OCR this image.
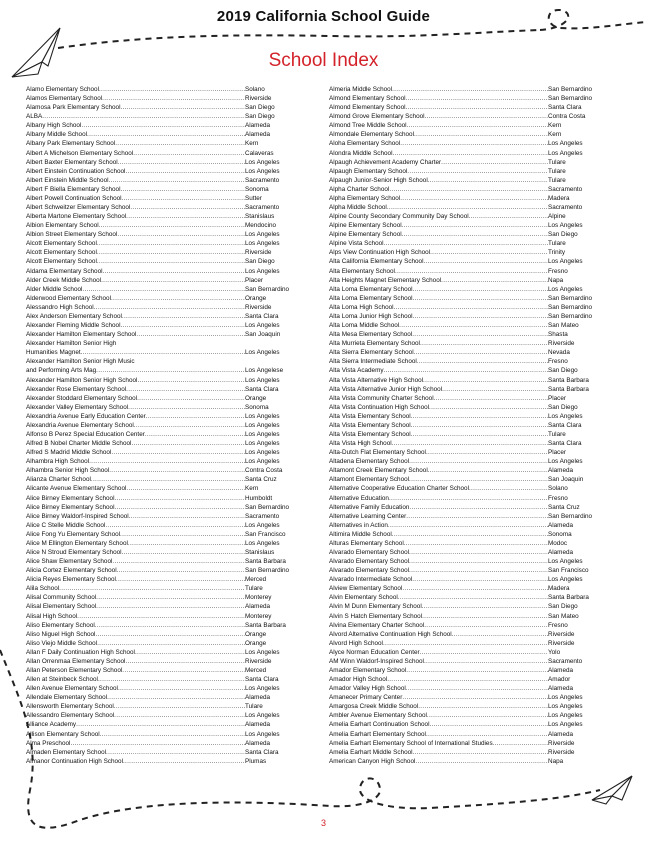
2019 California School Guide
School Index
Alamo Elementary School .....	Solano
Alamos Elementary School .....	Riverside
Alamosa Park Elementary School .....	San Diego
ALBA .....	San Diego
Albany High School .....	Alameda
Albany Middle School .....	Alameda
Albany Park Elementary School .....	Kern
Albert A Michelson Elementary School .....	Calaveras
Albert Baxter Elementary School .....	Los Angeles
Albert Einstein Continuation School .....	Los Angeles
Albert Einstein Middle School .....	Sacramento
Albert F Biella Elementary School .....	Sonoma
Albert Powell Continuation School .....	Sutter
Albert Schweitzer Elementary School .....	Sacramento
Alberta Martone Elementary School .....	Stanislaus
Albion Elementary School .....	Mendocino
Albion Street Elementary School .....	Los Angeles
Alcott Elementary School .....	Los Angeles
Alcott Elementary School .....	Riverside
Alcott Elementary School .....	San Diego
Aldama Elementary School .....	Los Angeles
Alder Creek Middle School .....	Placer
Alder Middle School .....	San Bernardino
Alderwood Elementary School .....	Orange
Alessandro High School .....	Riverside
Alex Anderson Elementary School .....	Santa Clara
Alexander Fleming Middle School .....	Los Angeles
Alexander Hamilton Elementary School .....	San Joaquin
Alexander Hamilton Senior High
Humanities Magnet .....	Los Angeles
Alexander Hamilton Senior High Music
and Performing Arts Mag .....	Los Angelese
Alexander Hamilton Senior High School .....	Los Angeles
Alexander Rose Elementary School .....	Santa Clara
Alexander Stoddard Elementary School .....	Orange
Alexander Valley Elementary School .....	Sonoma
Alexandria Avenue Early Education Center .....	Los Angeles
Alexandria Avenue Elementary School .....	Los Angeles
Alfonso B Perez Special Education Center .....	Los Angeles
Alfred B Nobel Charter Middle School .....	Los Angeles
Alfred S Madrid Middle School .....	Los Angeles
Alhambra High School .....	Los Angeles
Alhambra Senior High School .....	Contra Costa
Alianza Charter School .....	Santa Cruz
Alicante Avenue Elementary School .....	Kern
Alice Birney Elementary School .....	Humboldt
Alice Birney Elementary School .....	San Bernardino
Alice Birney Waldorf-Inspired School .....	Sacramento
Alice C Stelle Middle School .....	Los Angeles
Alice Fong Yu Elementary School .....	San Francisco
Alice M Ellington Elementary School .....	Los Angeles
Alice N Stroud Elementary School .....	Stanislaus
Alice Shaw Elementary School .....	Santa Barbara
Alicia Cortez Elementary School .....	San Bernardino
Alicia Reyes Elementary School .....	Merced
Alila School .....	Tulare
Alisal Community School .....	Monterey
Alisal Elementary School .....	Alameda
Alisal High School .....	Monterey
Aliso Elementary School .....	Santa Barbara
Aliso Niguel High School .....	Orange
Aliso Viejo Middle School .....	Orange
Allan F Daily Continuation High School .....	Los Angeles
Allan Orrenmaa Elementary School .....	Riverside
Allan Peterson Elementary School .....	Merced
Allen at Steinbeck School .....	Santa Clara
Allen Avenue Elementary School .....	Los Angeles
Allendale Elementary School .....	Alameda
Allensworth Elementary School .....	Tulare
Allessandro Elementary School .....	Los Angeles
Alliance Academy .....	Alameda
Allison Elementary School .....	Los Angeles
Alma Preschool .....	Alameda
Almaden Elementary School .....	Santa Clara
Almanor Continuation High School .....	Plumas
Almeria Middle School .....	San Bernardino
Almond Elementary School .....	San Bernardino
Almond Elementary School .....	Santa Clara
Almond Grove Elementary School .....	Contra Costa
Almond Tree Middle School .....	Kern
Almondale Elementary School .....	Kern
Aloha Elementary School .....	Los Angeles
Alondra Middle School .....	Los Angeles
Alpaugh Achievement Academy Charter .....	Tulare
Alpaugh Elementary School .....	Tulare
Alpaugh Junior-Senior High School .....	Tulare
Alpha Charter School .....	Sacramento
Alpha Elementary School .....	Madera
Alpha Middle School .....	Sacramento
Alpine County Secondary Community Day School .....	Alpine
Alpine Elementary School .....	Los Angeles
Alpine Elementary School .....	San Diego
Alpine Vista School .....	Tulare
Alps View Continuation High School .....	Trinity
Alta California Elementary School .....	Los Angeles
Alta Elementary School .....	Fresno
Alta Heights Magnet Elementary School .....	Napa
Alta Loma Elementary School .....	Los Angeles
Alta Loma Elementary School .....	San Bernardino
Alta Loma High School .....	San Bernardino
Alta Loma Junior High School .....	San Bernardino
Alta Loma Middle School .....	San Mateo
Alta Mesa Elementary School .....	Shasta
Alta Murrieta Elementary School .....	Riverside
Alta Sierra Elementary School .....	Nevada
Alta Sierra Intermediate School .....	Fresno
Alta Vista Academy .....	San Diego
Alta Vista Alternative High School .....	Santa Barbara
Alta Vista Alternative Junior High School .....	Santa Barbara
Alta Vista Community Charter School .....	Placer
Alta Vista Continuation High School .....	San Diego
Alta Vista Elementary School .....	Los Angeles
Alta Vista Elementary School .....	Santa Clara
Alta Vista Elementary School .....	Tulare
Alta Vista High School .....	Santa Clara
Alta-Dutch Flat Elementary School .....	Placer
Altadena Elementary School .....	Los Angeles
Altamont Creek Elementary School .....	Alameda
Altamont Elementary School .....	San Joaquin
Alternative Cooperative Education Charter School .....	Solano
Alternative Education .....	Fresno
Alternative Family Education .....	Santa Cruz
Alternative Learning Center .....	San Bernardino
Alternatives in Action .....	Alameda
Altimira Middle School .....	Sonoma
Alturas Elementary School .....	Modoc
Alvarado Elementary School .....	Alameda
Alvarado Elementary School .....	Los Angeles
Alvarado Elementary School .....	San Francisco
Alvarado Intermediate School .....	Los Angeles
Alview Elementary School .....	Madera
Alvin Elementary School .....	Santa Barbara
Alvin M Dunn Elementary School .....	San Diego
Alvin S Hatch Elementary School .....	San Mateo
Alvina Elementary Charter School .....	Fresno
Alvord Alternative Continuation High School .....	Riverside
Alvord High School .....	Riverside
Alyce Norman Education Center .....	Yolo
AM Winn Waldorf-Inspired School .....	Sacramento
Amador Elementary School .....	Alameda
Amador High School .....	Amador
Amador Valley High School .....	Alameda
Amanecer Primary Center .....	Los Angeles
Amargosa Creek Middle School .....	Los Angeles
Ambler Avenue Elementary School .....	Los Angeles
Amelia Earhart Continuation School .....	Los Angeles
Amelia Earhart Elementary School .....	Alameda
Amelia Earhart Elementary School of International Studies .....	Riverside
Amelia Earhart Middle School .....	Riverside
American Canyon High School .....	Napa
3
